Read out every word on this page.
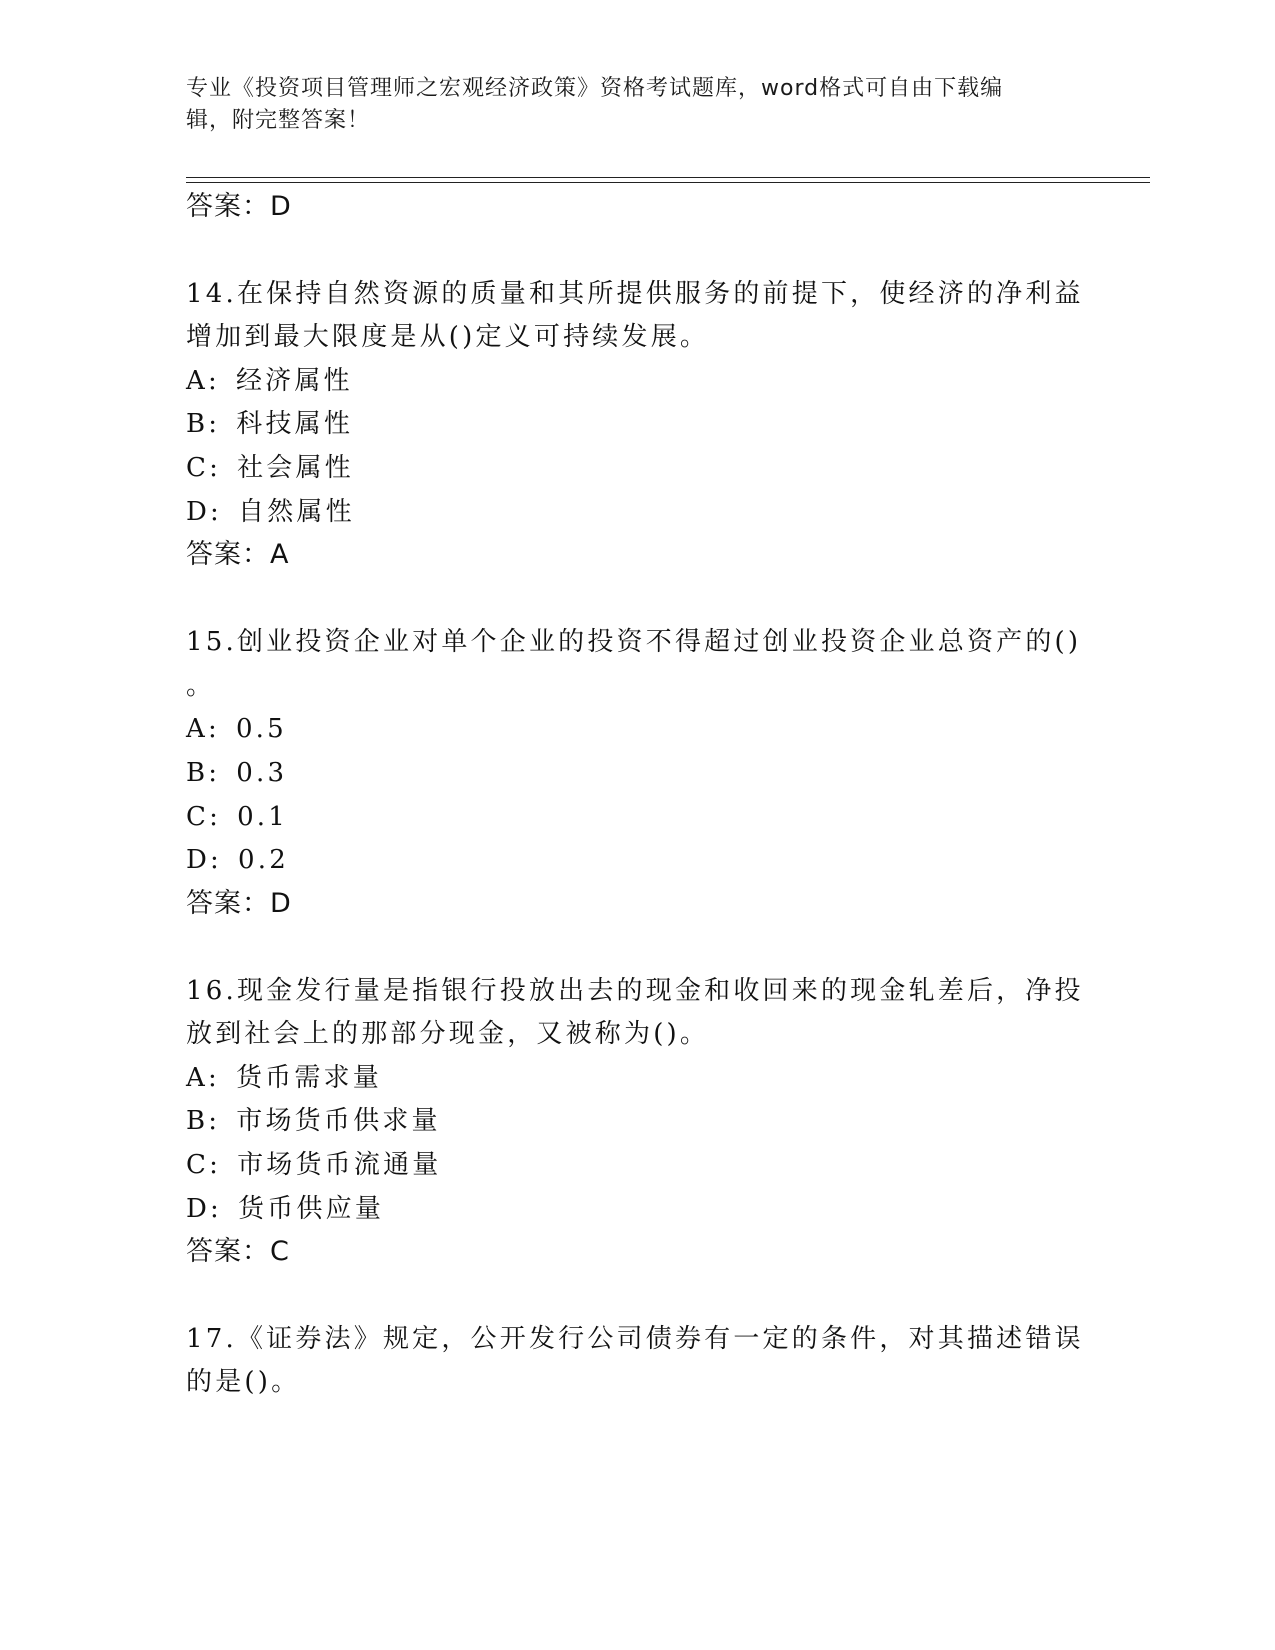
专业《投资项目管理师之宏观经济政策》资格考试题库，word格式可自由下载编
辑，附完整答案！
答案：D
14.在保持自然资源的质量和其所提供服务的前提下，使经济的净利益
增加到最大限度是从()定义可持续发展。
A: 经济属性
B: 科技属性
C: 社会属性
D: 自然属性
答案：A
15.创业投资企业对单个企业的投资不得超过创业投资企业总资产的()
。
A: 0.5
B: 0.3
C: 0.1
D: 0.2
答案：D
16.现金发行量是指银行投放出去的现金和收回来的现金轧差后，净投
放到社会上的那部分现金，又被称为()。
A: 货币需求量
B: 市场货币供求量
C: 市场货币流通量
D: 货币供应量
答案：C
17.《证券法》规定，公开发行公司债券有一定的条件，对其描述错误
的是()。
